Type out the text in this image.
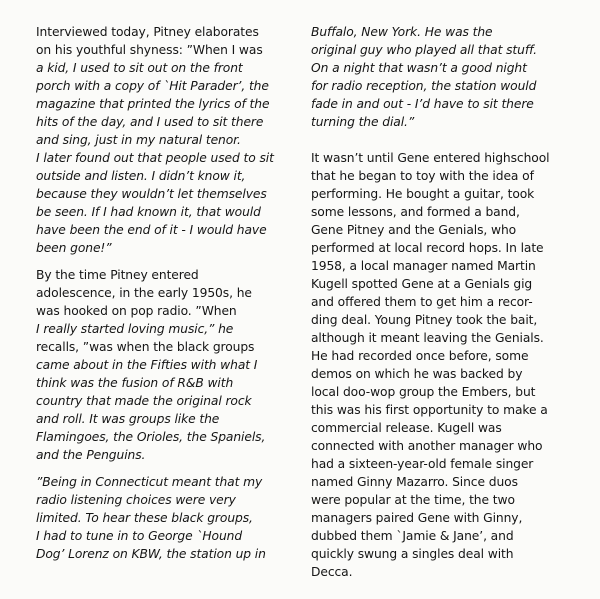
Interviewed today, Pitney elaborates
on his youthful shyness: ”When I was
a kid, I used to sit out on the front
porch with a copy of `Hit Parader’, the
magazine that printed the lyrics of the
hits of the day, and I used to sit there
and sing, just in my natural tenor.
I later found out that people used to sit
outside and listen. I didn’t know it,
because they wouldn’t let themselves
be seen. If I had known it, that would
have been the end of it - I would have
been gone!”
By the time Pitney entered
adolescence, in the early 1950s, he
was hooked on pop radio. ”When
I really started loving music,” he
recalls, ”was when the black groups
came about in the Fifties with what I
think was the fusion of R&B with
country that made the original rock
and roll. It was groups like the
Flamingoes, the Orioles, the Spaniels,
and the Penguins.
”Being in Connecticut meant that my
radio listening choices were very
limited. To hear these black groups,
I had to tune in to George `Hound
Dog’ Lorenz on KBW, the station up in
Buffalo, New York. He was the
original guy who played all that stuff.
On a night that wasn’t a good night
for radio reception, the station would
fade in and out - I’d have to sit there
turning the dial.”
It wasn’t until Gene entered highschool
that he began to toy with the idea of
performing. He bought a guitar, took
some lessons, and formed a band,
Gene Pitney and the Genials, who
performed at local record hops. In late
1958, a local manager named Martin
Kugell spotted Gene at a Genials gig
and offered them to get him a recor-
ding deal. Young Pitney took the bait,
although it meant leaving the Genials.
He had recorded once before, some
demos on which he was backed by
local doo-wop group the Embers, but
this was his first opportunity to make a
commercial release. Kugell was
connected with another manager who
had a sixteen-year-old female singer
named Ginny Mazarro. Since duos
were popular at the time, the two
managers paired Gene with Ginny,
dubbed them `Jamie & Jane’, and
quickly swung a singles deal with
Decca.
